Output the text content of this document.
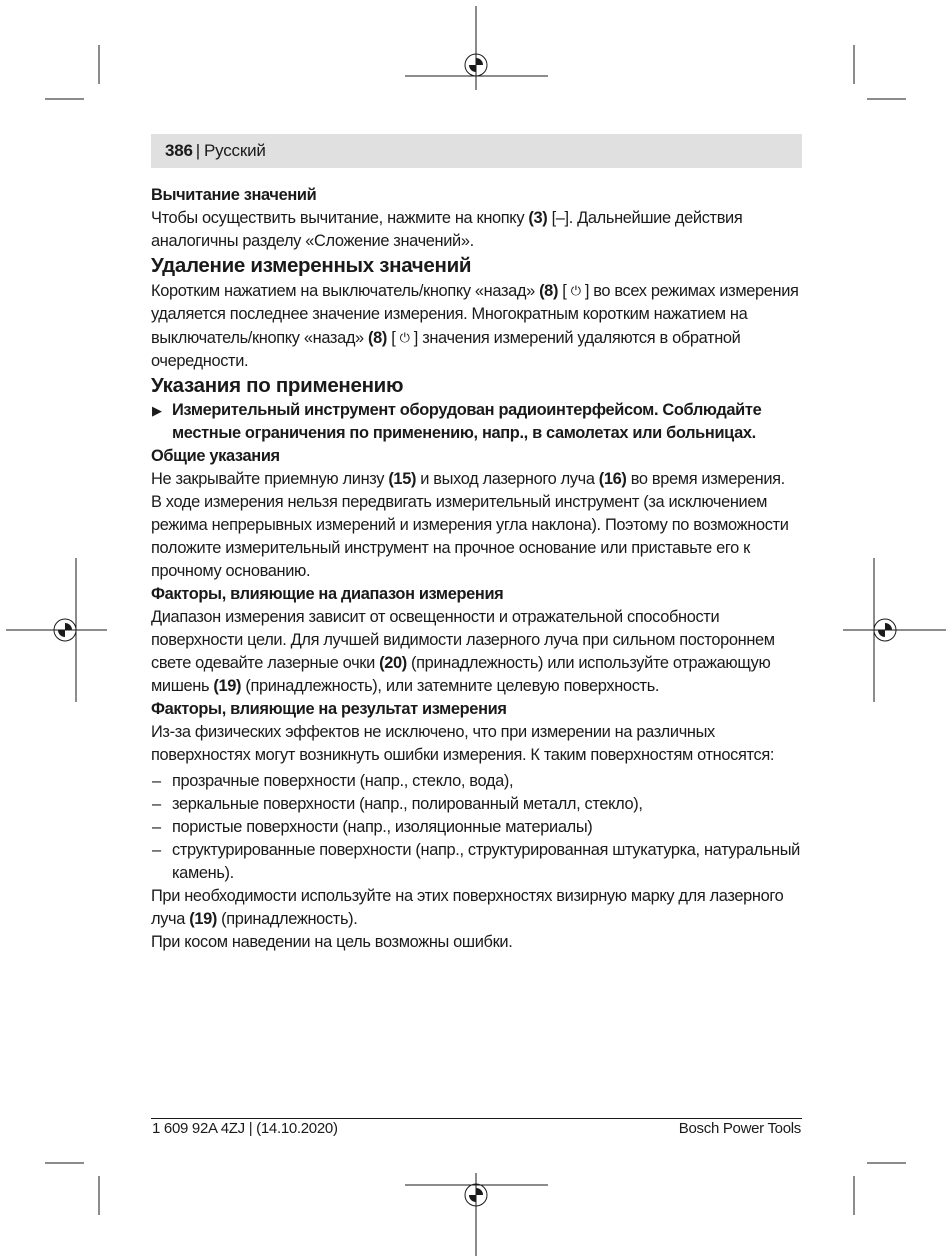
386 | Русский

Вычитание значений

Чтобы осуществить вычитание, нажмите на кнопку (3) [–]. Дальнейшие действия аналогичны разделу «Сложение значений».

Удаление измеренных значений

Коротким нажатием на выключатель/кнопку «назад» (8) [ ⏻ ] во всех режимах измерения удаляется последнее значение измерения. Многократным коротким нажатием на выключатель/кнопку «назад» (8) [ ⏻ ] значения измерений удаляются в обратной очередности.

Указания по применению

▶ Измерительный инструмент оборудован радиоинтерфейсом. Соблюдайте местные ограничения по применению, напр., в самолетах или больницах.

Общие указания

Не закрывайте приемную линзу (15) и выход лазерного луча (16) во время измерения.

В ходе измерения нельзя передвигать измерительный инструмент (за исключением режима непрерывных измерений и измерения угла наклона). Поэтому по возможности положите измерительный инструмент на прочное основание или приставьте его к прочному основанию.

Факторы, влияющие на диапазон измерения

Диапазон измерения зависит от освещенности и отражательной способности поверхности цели. Для лучшей видимости лазерного луча при сильном постороннем свете одевайте лазерные очки (20) (принадлежность) или используйте отражающую мишень (19) (принадлежность), или затемните целевую поверхность.

Факторы, влияющие на результат измерения

Из-за физических эффектов не исключено, что при измерении на различных поверхностях могут возникнуть ошибки измерения. К таким поверхностям относятся:

– прозрачные поверхности (напр., стекло, вода),

– зеркальные поверхности (напр., полированный металл, стекло),

– пористые поверхности (напр., изоляционные материалы)

– структурированные поверхности (напр., структурированная штукатурка, натуральный камень).

При необходимости используйте на этих поверхностях визирную марку для лазерного луча (19) (принадлежность).

При косом наведении на цель возможны ошибки.

1 609 92A 4ZJ | (14.10.2020)	Bosch Power Tools
